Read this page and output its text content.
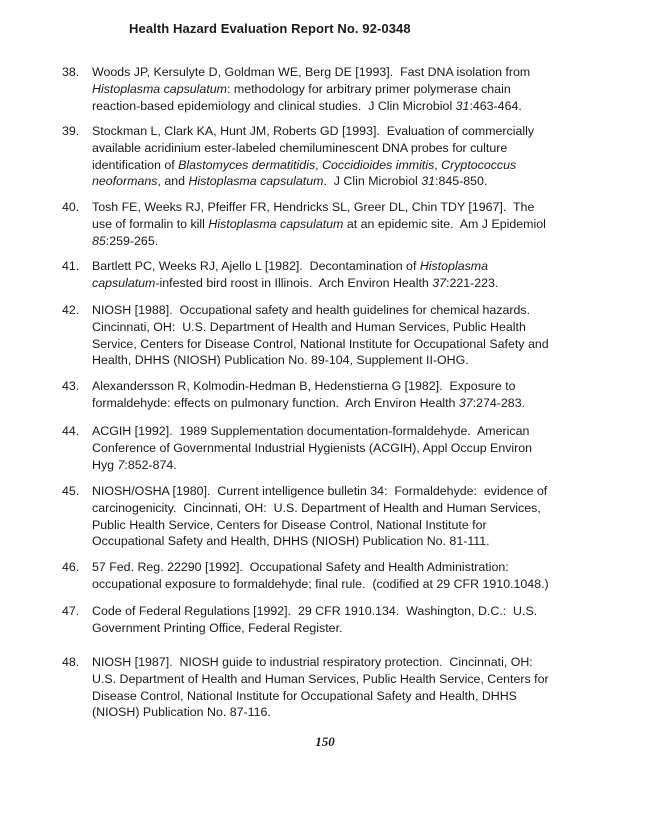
Health Hazard Evaluation Report No. 92-0348
38.	Woods JP, Kersulyte D, Goldman WE, Berg DE [1993].  Fast DNA isolation from
Histoplasma capsulatum: methodology for arbitrary primer polymerase chain
reaction-based epidemiology and clinical studies.  J Clin Microbiol 31:463-464.
39.	Stockman L, Clark KA, Hunt JM, Roberts GD [1993].  Evaluation of commercially
available acridinium ester-labeled chemiluminescent DNA probes for culture
identification of Blastomyces dermatitidis, Coccidioides immitis, Cryptococcus
neoformans, and Histoplasma capsulatum.  J Clin Microbiol 31:845-850.
40.	Tosh FE, Weeks RJ, Pfeiffer FR, Hendricks SL, Greer DL, Chin TDY [1967].  The
use of formalin to kill Histoplasma capsulatum at an epidemic site.  Am J Epidemiol
85:259-265.
41.	Bartlett PC, Weeks RJ, Ajello L [1982].  Decontamination of Histoplasma
capsulatum-infested bird roost in Illinois.  Arch Environ Health 37:221-223.
42.	NIOSH [1988].  Occupational safety and health guidelines for chemical hazards.
Cincinnati, OH:  U.S. Department of Health and Human Services, Public Health
Service, Centers for Disease Control, National Institute for Occupational Safety and
Health, DHHS (NIOSH) Publication No. 89-104, Supplement II-OHG.
43.	Alexandersson R, Kolmodin-Hedman B, Hedenstierna G [1982].  Exposure to
formaldehyde: effects on pulmonary function.  Arch Environ Health 37:274-283.
44.	ACGIH [1992].  1989 Supplementation documentation-formaldehyde.  American
Conference of Governmental Industrial Hygienists (ACGIH), Appl Occup Environ
Hyg 7:852-874.
45.	NIOSH/OSHA [1980].  Current intelligence bulletin 34:  Formaldehyde:  evidence of
carcinogenicity.  Cincinnati, OH:  U.S. Department of Health and Human Services,
Public Health Service, Centers for Disease Control, National Institute for
Occupational Safety and Health, DHHS (NIOSH) Publication No. 81-111.
46.	57 Fed. Reg. 22290 [1992].  Occupational Safety and Health Administration:
occupational exposure to formaldehyde; final rule.  (codified at 29 CFR 1910.1048.)
47.	Code of Federal Regulations [1992].  29 CFR 1910.134.  Washington, D.C.:  U.S.
Government Printing Office, Federal Register.
48.	NIOSH [1987].  NIOSH guide to industrial respiratory protection.  Cincinnati, OH:
U.S. Department of Health and Human Services, Public Health Service, Centers for
Disease Control, National Institute for Occupational Safety and Health, DHHS
(NIOSH) Publication No. 87-116.
150
